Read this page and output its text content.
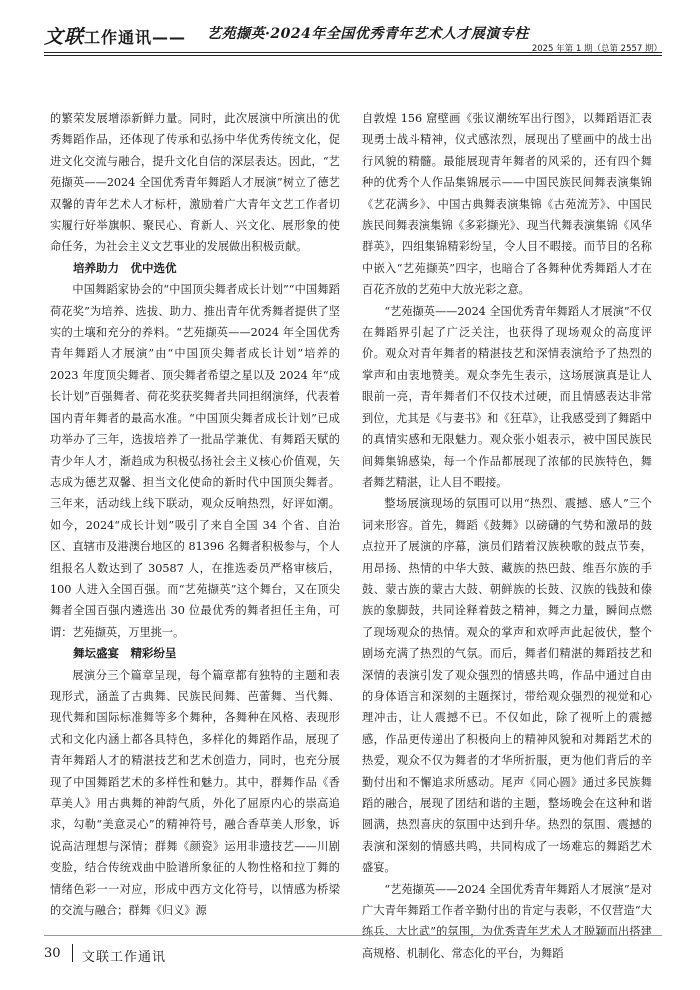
文联工作通讯—— 艺苑撷英·2024年全国优秀青年艺术人才展演专柱
2025 年第 1 期（总第 2557 期）

的繁荣发展增添新鲜力量。同时，此次展演中所演出的优秀舞蹈作品，还体现了传承和弘扬中华优秀传统文化，促进文化交流与融合，提升文化自信的深层表达。因此，“艺苑撷英——2024 全国优秀青年舞蹈人才展演”树立了德艺双馨的青年艺术人才标杆，激励着广大青年文艺工作者切实履行好举旗帜、聚民心、育新人、兴文化、展形象的使命任务，为社会主义文艺事业的发展做出积极贡献。

培养助力　优中选优

中国舞蹈家协会的“中国顶尖舞者成长计划”“中国舞蹈荷花奖”为培养、选拔、助力、推出青年优秀舞者提供了坚实的土壤和充分的养料。“艺苑撷英——2024 年全国优秀青年舞蹈人才展演”由“中国顶尖舞者成长计划”培养的 2023 年度顶尖舞者、顶尖舞者希望之星以及 2024 年“成长计划”百强舞者、荷花奖获奖舞者共同担纲演绎，代表着国内青年舞者的最高水准。“中国顶尖舞者成长计划”已成功举办了三年，选拔培养了一批品学兼优、有舞蹈天赋的青少年人才，渐趋成为积极弘扬社会主义核心价值观，矢志成为德艺双馨、担当文化使命的新时代中国顶尖舞者。三年来，活动线上线下联动，观众反响热烈，好评如潮。如今，2024“成长计划”吸引了来自全国 34 个省、自治区、直辖市及港澳台地区的 81396 名舞者积极参与，个人组报名人数达到了 30587 人，在推选委员严格审核后，100 人进入全国百强。而“艺苑撷英”这个舞台，又在顶尖舞者全国百强内遴选出 30 位最优秀的舞者担任主角，可谓：艺苑撷英，万里挑一。

舞坛盛宴　精彩纷呈

展演分三个篇章呈现，每个篇章都有独特的主题和表现形式，涵盖了古典舞、民族民间舞、芭蕾舞、当代舞、现代舞和国际标准舞等多个舞种，各舞种在风格、表现形式和文化内涵上都各具特色，多样化的舞蹈作品，展现了青年舞蹈人才的精湛技艺和艺术创造力，同时，也充分展现了中国舞蹈艺术的多样性和魅力。其中，群舞作品《香草美人》用古典舞的神韵气质，外化了屈原内心的崇高追求，勾勒“美意灵心”的精神符号，融合香草美人形象，诉说高洁理想与深情；群舞《颜瓷》运用非遗技艺——川剧变脸，结合传统戏曲中脸谱所象征的人物性格和拉丁舞的情绪色彩一一对应，形成中西方文化符号，以情感为桥梁的交流与融合；群舞《归义》源

自敦煌 156 窟壁画《张议潮统军出行图》，以舞蹈语汇表现勇士战斗精神，仪式感浓烈，展现出了壁画中的战士出行风貌的精髓。最能展现青年舞者的风采的，还有四个舞种的优秀个人作品集锦展示——中国民族民间舞表演集锦《艺花满乡》、中国古典舞表演集锦《古苑流芳》、中国民族民间舞表演集锦《多彩撷光》、现当代舞表演集锦《风华群英》，四组集锦精彩纷呈，令人目不暇接。而节目的名称中嵌入“艺苑撷英”四字，也暗合了各舞种优秀舞蹈人才在百花齐放的艺苑中大放光彩之意。

“艺苑撷英——2024 全国优秀青年舞蹈人才展演”不仅在舞蹈界引起了广泛关注，也获得了现场观众的高度评价。观众对青年舞者的精湛技艺和深情表演给予了热烈的掌声和由衷地赞美。观众李先生表示，这场展演真是让人眼前一亮，青年舞者们不仅技术过硬，而且情感表达非常到位，尤其是《与妻书》和《狂草》，让我感受到了舞蹈中的真情实感和无限魅力。观众张小姐表示，被中国民族民间舞集锦感染，每一个作品都展现了浓郁的民族特色，舞者舞艺精湛，让人目不暇接。

整场展演现场的氛围可以用“热烈、震撼、感人”三个词来形容。首先，舞蹈《鼓舞》以磅礴的气势和激昂的鼓点拉开了展演的序幕，演员们踏着汉族秧歌的鼓点节奏，用昂扬、热情的中华大鼓、藏族的热巴鼓、维吾尔族的手鼓、蒙古族的蒙古大鼓、朝鲜族的长鼓、汉族的钱鼓和傣族的象脚鼓，共同诠释着鼓之精神，舞之力量，瞬间点燃了现场观众的热情。观众的掌声和欢呼声此起彼伏，整个剧场充满了热烈的气氛。而后，舞者们精湛的舞蹈技艺和深情的表演引发了观众强烈的情感共鸣，作品中通过自由的身体语言和深刻的主题探讨，带给观众强烈的视觉和心理冲击，让人震撼不已。不仅如此，除了视听上的震撼感，作品更传递出了积极向上的精神风貌和对舞蹈艺术的热爱，观众不仅为舞者的才华所折服，更为他们背后的辛勤付出和不懈追求所感动。尾声《同心圆》通过多民族舞蹈的融合，展现了团结和谐的主题，整场晚会在这种和谐圆满，热烈喜庆的氛围中达到升华。热烈的氛围、震撼的表演和深刻的情感共鸣，共同构成了一场难忘的舞蹈艺术盛宴。

“艺苑撷英——2024 全国优秀青年舞蹈人才展演”是对广大青年舞蹈工作者辛勤付出的肯定与表彰，不仅营造“大练兵、大比武”的氛围，为优秀青年艺术人才脱颖而出搭建高规格、机制化、常态化的平台，为舞蹈

30 文联工作通讯
